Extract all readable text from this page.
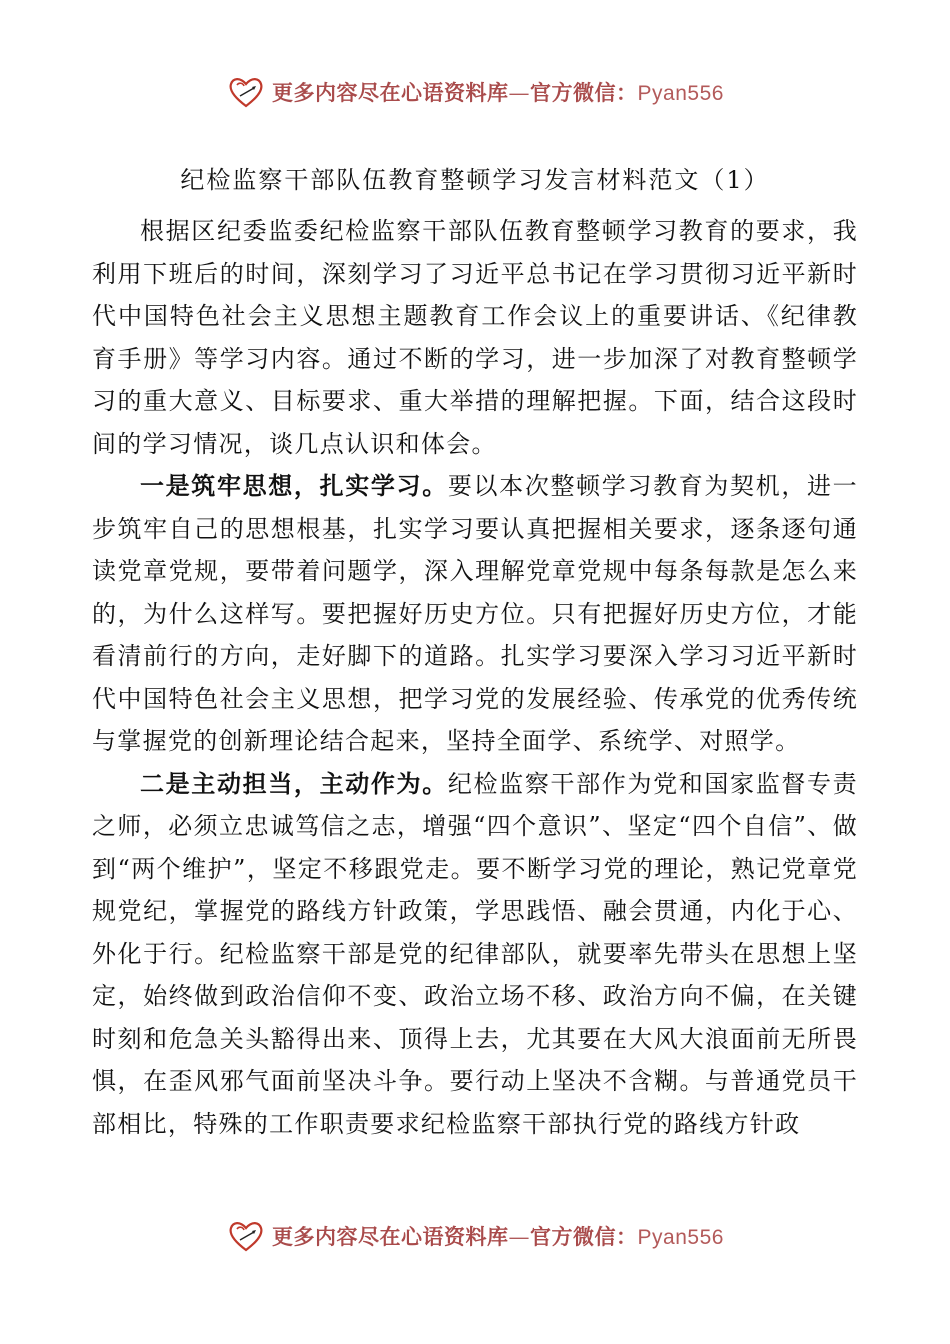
更多内容尽在心语资料库—官方微信：Pyan556
纪检监察干部队伍教育整顿学习发言材料范文（1）

根据区纪委监委纪检监察干部队伍教育整顿学习教育的要求，我利用下班后的时间，深刻学习了习近平总书记在学习贯彻习近平新时代中国特色社会主义思想主题教育工作会议上的重要讲话、《纪律教育手册》等学习内容。通过不断的学习，进一步加深了对教育整顿学习的重大意义、目标要求、重大举措的理解把握。下面，结合这段时间的学习情况，谈几点认识和体会。

一是筑牢思想，扎实学习。要以本次整顿学习教育为契机，进一步筑牢自己的思想根基，扎实学习要认真把握相关要求，逐条逐句通读党章党规，要带着问题学，深入理解党章党规中每条每款是怎么来的，为什么这样写。要把握好历史方位。只有把握好历史方位，才能看清前行的方向，走好脚下的道路。扎实学习要深入学习习近平新时代中国特色社会主义思想，把学习党的发展经验、传承党的优秀传统与掌握党的创新理论结合起来，坚持全面学、系统学、对照学。

二是主动担当，主动作为。纪检监察干部作为党和国家监督专责之师，必须立忠诚笃信之志，增强“四个意识”、坚定“四个自信”、做到“两个维护”，坚定不移跟党走。要不断学习党的理论，熟记党章党规党纪，掌握党的路线方针政策，学思践悟、融会贯通，内化于心、外化于行。纪检监察干部是党的纪律部队，就要率先带头在思想上坚定，始终做到政治信仰不变、政治立场不移、政治方向不偏，在关键时刻和危急关头豁得出来、顶得上去，尤其要在大风大浪面前无所畏惧，在歪风邪气面前坚决斗争。要行动上坚决不含糊。与普通党员干部相比，特殊的工作职责要求纪检监察干部执行党的路线方针政

更多内容尽在心语资料库—官方微信：Pyan556
